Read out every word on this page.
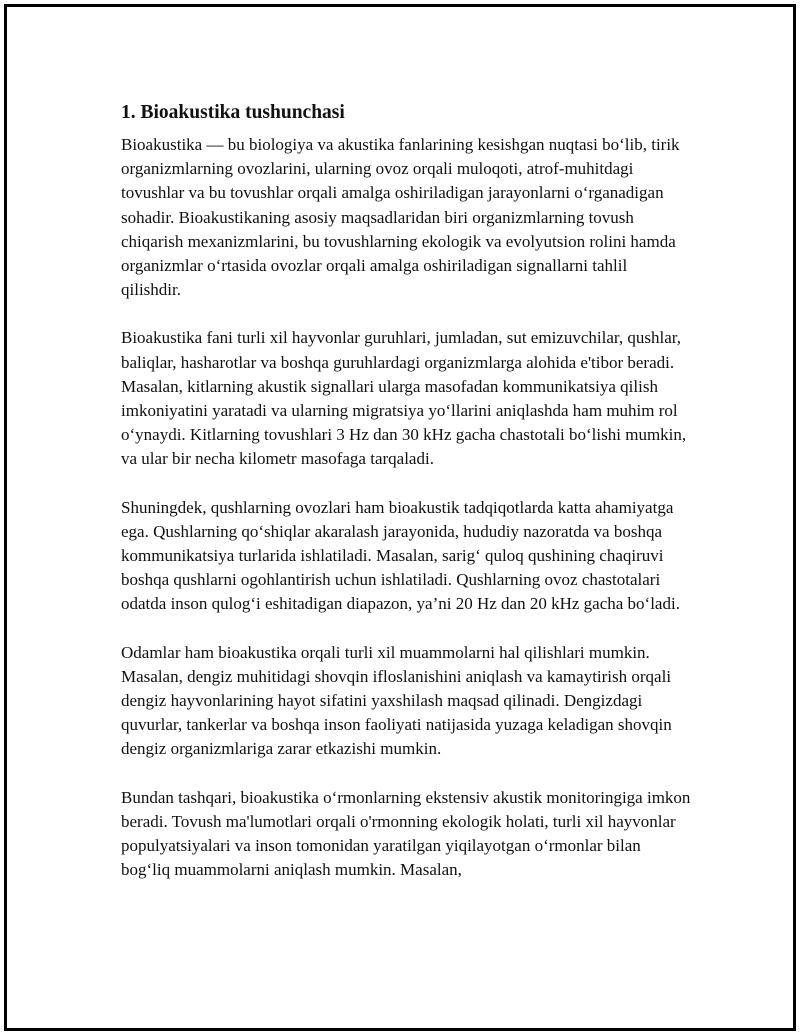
1. Bioakustika tushunchasi

Bioakustika — bu biologiya va akustika fanlarining kesishgan nuqtasi bo‘lib, tirik organizmlarning ovozlarini, ularning ovoz orqali muloqoti, atrof-muhitdagi tovushlar va bu tovushlar orqali amalga oshiriladigan jarayonlarni o‘rganadigan sohadir. Bioakustikaning asosiy maqsadlaridan biri organizmlarning tovush chiqarish mexanizmlarini, bu tovushlarning ekologik va evolyutsion rolini hamda organizmlar o‘rtasida ovozlar orqali amalga oshiriladigan signallarni tahlil qilishdir.

Bioakustika fani turli xil hayvonlar guruhlari, jumladan, sut emizuvchilar, qushlar, baliqlar, hasharotlar va boshqa guruhlardagi organizmlarga alohida e'tibor beradi. Masalan, kitlarning akustik signallari ularga masofadan kommunikatsiya qilish imkoniyatini yaratadi va ularning migratsiya yo‘llarini aniqlashda ham muhim rol o‘ynaydi. Kitlarning tovushlari 3 Hz dan 30 kHz gacha chastotali bo‘lishi mumkin, va ular bir necha kilometr masofaga tarqaladi.

Shuningdek, qushlarning ovozlari ham bioakustik tadqiqotlarda katta ahamiyatga ega. Qushlarning qo‘shiqlar akaralash jarayonida, hududiy nazoratda va boshqa kommunikatsiya turlarida ishlatiladi. Masalan, sarig‘ quloq qushining chaqiruvi boshqa qushlarni ogohlantirish uchun ishlatiladi. Qushlarning ovoz chastotalari odatda inson qulog‘i eshitadigan diapazon, ya’ni 20 Hz dan 20 kHz gacha bo‘ladi.

Odamlar ham bioakustika orqali turli xil muammolarni hal qilishlari mumkin. Masalan, dengiz muhitidagi shovqin ifloslanishini aniqlash va kamaytirish orqali dengiz hayvonlarining hayot sifatini yaxshilash maqsad qilinadi. Dengizdagi quvurlar, tankerlar va boshqa inson faoliyati natijasida yuzaga keladigan shovqin dengiz organizmlariga zarar etkazishi mumkin.

Bundan tashqari, bioakustika o‘rmonlarning ekstensiv akustik monitoringiga imkon beradi. Tovush ma'lumotlari orqali o'rmonning ekologik holati, turli xil hayvonlar populyatsiyalari va inson tomonidan yaratilgan yiqilayotgan o‘rmonlar bilan bog‘liq muammolarni aniqlash mumkin. Masalan,
